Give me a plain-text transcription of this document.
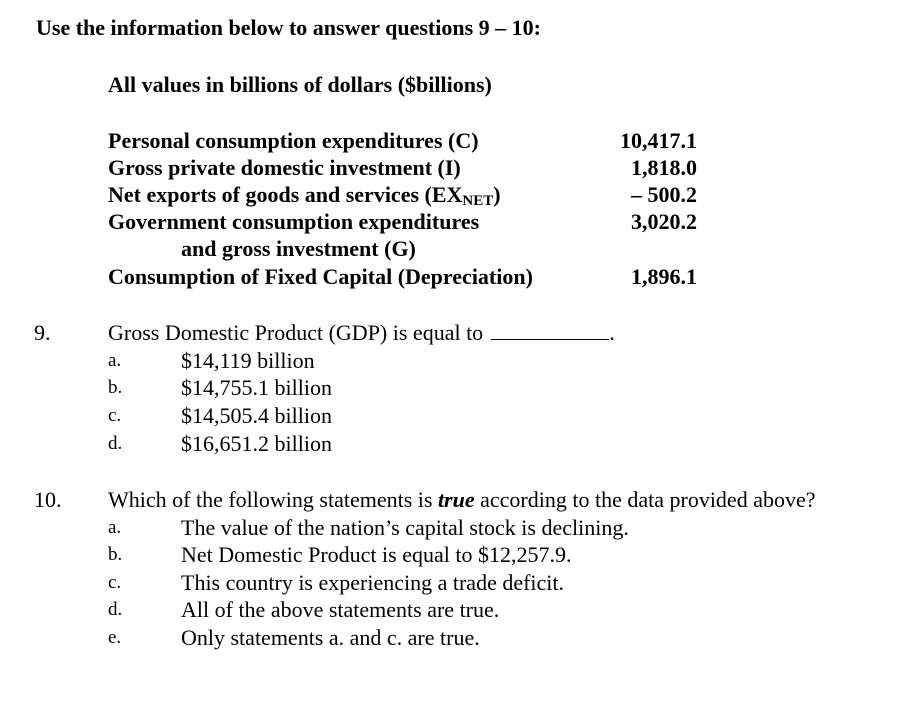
Use the information below to answer questions 9 – 10:
All values in billions of dollars ($billions)
Personal consumption expenditures (C)	10,417.1
Gross private domestic investment (I)	1,818.0
Net exports of goods and services (EXNET)	– 500.2
Government consumption expenditures	3,020.2
and gross investment (G)
Consumption of Fixed Capital (Depreciation)	1,896.1
9.	Gross Domestic Product (GDP) is equal to	.
a.	$14,119 billion
b.	$14,755.1 billion
c.	$14,505.4 billion
d.	$16,651.2 billion
10. Which of the following statements is true according to the data provided above?
a.	The value of the nation’s capital stock is declining.
b.	Net Domestic Product is equal to $12,257.9.
c.	This country is experiencing a trade deficit.
d.	All of the above statements are true.
e.	Only statements a. and c. are true.
